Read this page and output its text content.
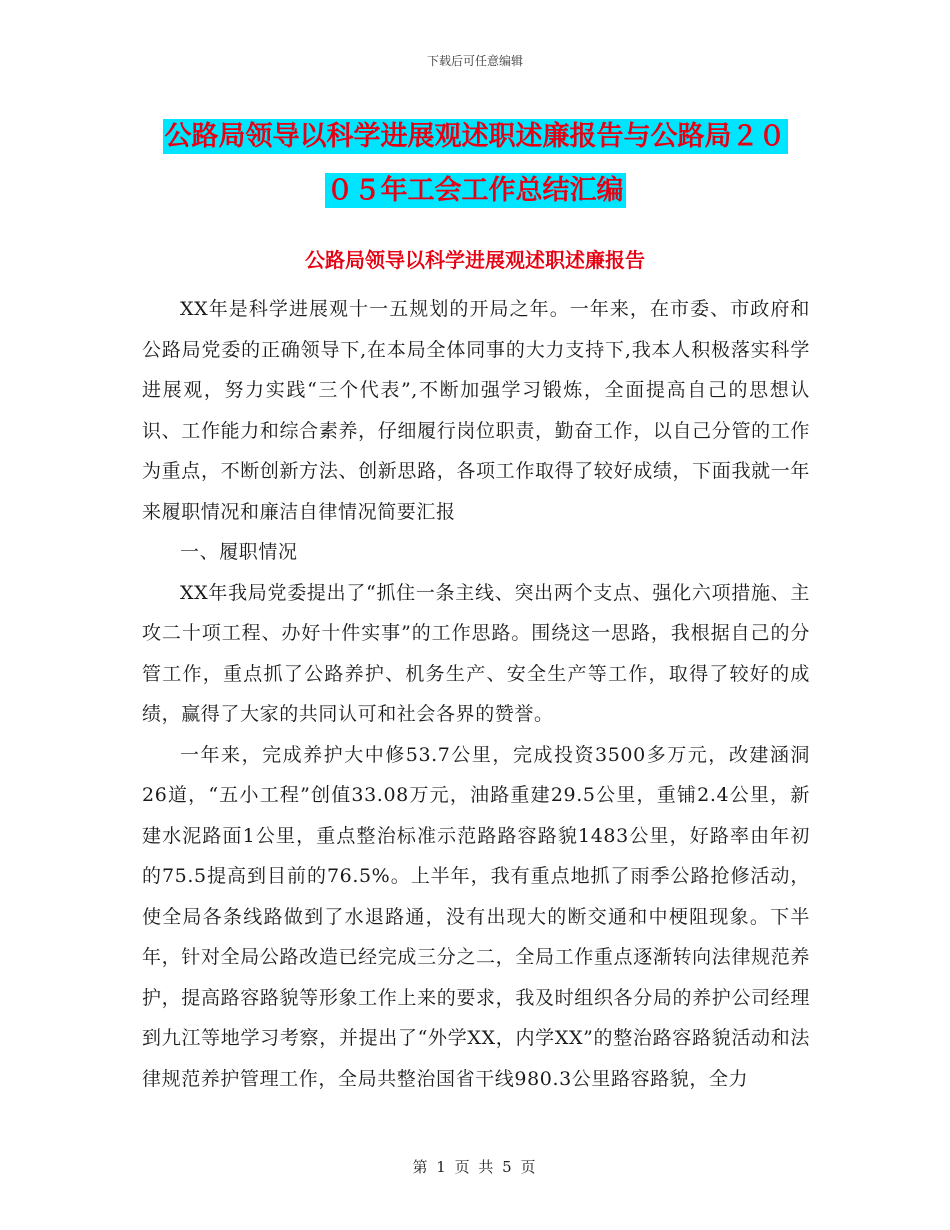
下载后可任意编辑
公路局领导以科学进展观述职述廉报告与公路局２０
０５年工会工作总结汇编
公路局领导以科学进展观述职述廉报告

XX年是科学进展观十一五规划的开局之年。一年来，在市委、市政府和公路局党委的正确领导下,在本局全体同事的大力支持下,我本人积极落实科学进展观，努力实践“三个代表”,不断加强学习锻炼，全面提高自己的思想认识、工作能力和综合素养，仔细履行岗位职责，勤奋工作，以自己分管的工作为重点，不断创新方法、创新思路，各项工作取得了较好成绩，下面我就一年来履职情况和廉洁自律情况简要汇报

一、履职情况

XX年我局党委提出了“抓住一条主线、突出两个支点、强化六项措施、主攻二十项工程、办好十件实事”的工作思路。围绕这一思路，我根据自己的分管工作，重点抓了公路养护、机务生产、安全生产等工作，取得了较好的成绩，赢得了大家的共同认可和社会各界的赞誉。

一年来，完成养护大中修53.7公里，完成投资3500多万元，改建涵洞26道，“五小工程”创值33.08万元，油路重建29.5公里，重铺2.4公里，新建水泥路面1公里，重点整治标准示范路路容路貌1483公里，好路率由年初的75.5提高到目前的76.5%。上半年，我有重点地抓了雨季公路抢修活动，使全局各条线路做到了水退路通，没有出现大的断交通和中梗阻现象。下半年，针对全局公路改造已经完成三分之二，全局工作重点逐渐转向法律规范养护，提高路容路貌等形象工作上来的要求，我及时组织各分局的养护公司经理到九江等地学习考察，并提出了“外学XX，内学XX”的整治路容路貌活动和法律规范养护管理工作，全局共整治国省干线980.3公里路容路貌，全力

第 1 页 共 5 页
